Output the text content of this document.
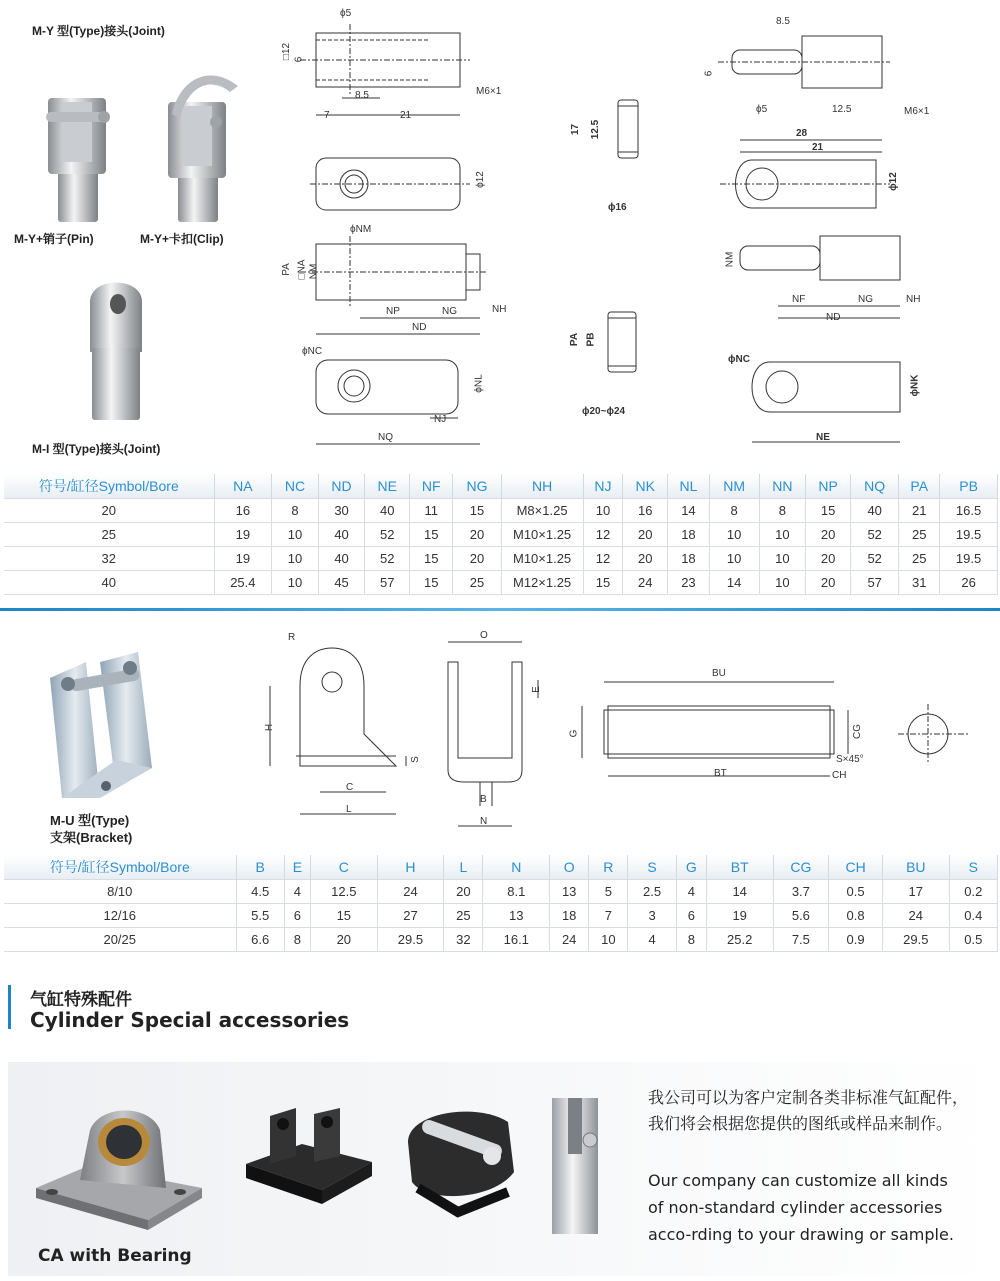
M-Y 型(Type)接头(Joint)
M-Y+销子(Pin)	M-Y+卡扣(Clip)
M-I 型(Type)接头(Joint)
M-U 型(Type)
支架(Bracket)
ϕ5
□12 6
8.5	M6×1
7	21
ϕ12
ϕNM
PA □NA NM
NP	NG	NH
ND
ϕNC
ϕNL
NJ
NQ
17 12.5
ϕ16
PA PB
ϕ20~ϕ24
8.5
6
ϕ5	12.5	M6×1
28
21
ϕ12
NM
NF	NG	NH
ND
ϕNC
ϕNK
NE
符号/缸径Symbol/Bore	NA	NC	ND	NE	NF	NG	NH	NJ	NK	NL	NM	NN	NP	NQ	PA	PB
20	16	8	30	40	11	15	M8×1.25	10	16	14	8	8	15	40	21	16.5
25	19	10	40	52	15	20	M10×1.25	12	20	18	10	10	20	52	25	19.5
32	19	10	40	52	15	20	M10×1.25	12	20	18	10	10	20	52	25	19.5
40	25.4	10	45	57	15	25	M12×1.25	15	24	23	14	10	20	57	31	26
R
H
S
C
L
O
E
B
N
BU
G	CG
S×45°
CH
BT
符号/缸径Symbol/Bore	B	E	C	H	L	N	O	R	S	G	BT	CG	CH	BU	S
8/10	4.5	4	12.5	24	20	8.1	13	5	2.5	4	14	3.7	0.5	17	0.2
12/16	5.5	6	15	27	25	13	18	7	3	6	19	5.6	0.8	24	0.4
20/25	6.6	8	20	29.5	32	16.1	24	10	4	8	25.2	7.5	0.9	29.5	0.5
气缸特殊配件
Cylinder Special accessories
CA with Bearing
我公司可以为客户定制各类非标准气缸配件，我们将会根据您提供的图纸或样品来制作。
Our company can customize all kinds
of non-standard cylinder accessories
acco-rding to your drawing or sample.
